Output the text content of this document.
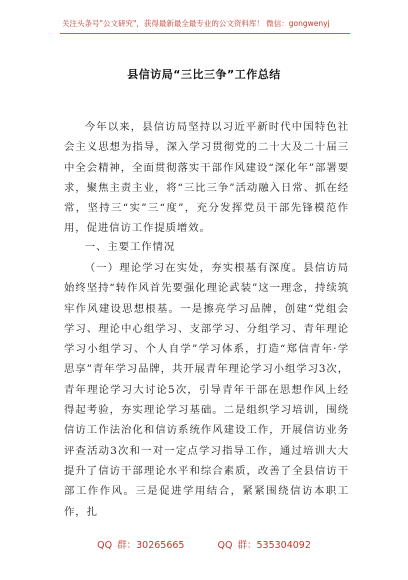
关注头条号"公文研究"，获得最新最全最专业的公文资料库！ 微信：gongwenyj
县信访局“三比三争”工作总结
今年以来，县信访局坚持以习近平新时代中国特色社会主义思想为指导，深入学习贯彻党的二十大及二十届三中全会精神，全面贯彻落实干部作风建设“深化年”部署要求，聚焦主责主业，将“三比三争”活动融入日常、抓在经常，坚持三“实”三“度”，充分发挥党员干部先锋模范作用，促进信访工作提质增效。
一、主要工作情况
（一）理论学习在实处，夯实根基有深度。县信访局始终坚持“转作风首先要强化理论武装”这一理念，持续筑牢作风建设思想根基。一是擦亮学习品牌，创建“党组会学习、理论中心组学习、支部学习、分组学习、青年理论学习小组学习、个人自学”学习体系，打造“郑信青年·学思享”青年学习品牌，共开展青年理论学习小组学习3次，青年理论学习大讨论5次，引导青年干部在思想作风上经得起考验，夯实理论学习基础。二是组织学习培训，围绕信访工作法治化和信访系统作风建设工作，开展信访业务评查活动3次和一对一定点学习指导工作，通过培训大大提升了信访干部理论水平和综合素质，改善了全县信访干部工作作风。三是促进学用结合，紧紧围绕信访本职工作，扎
QQ 群：30265665	QQ 群：535304092
